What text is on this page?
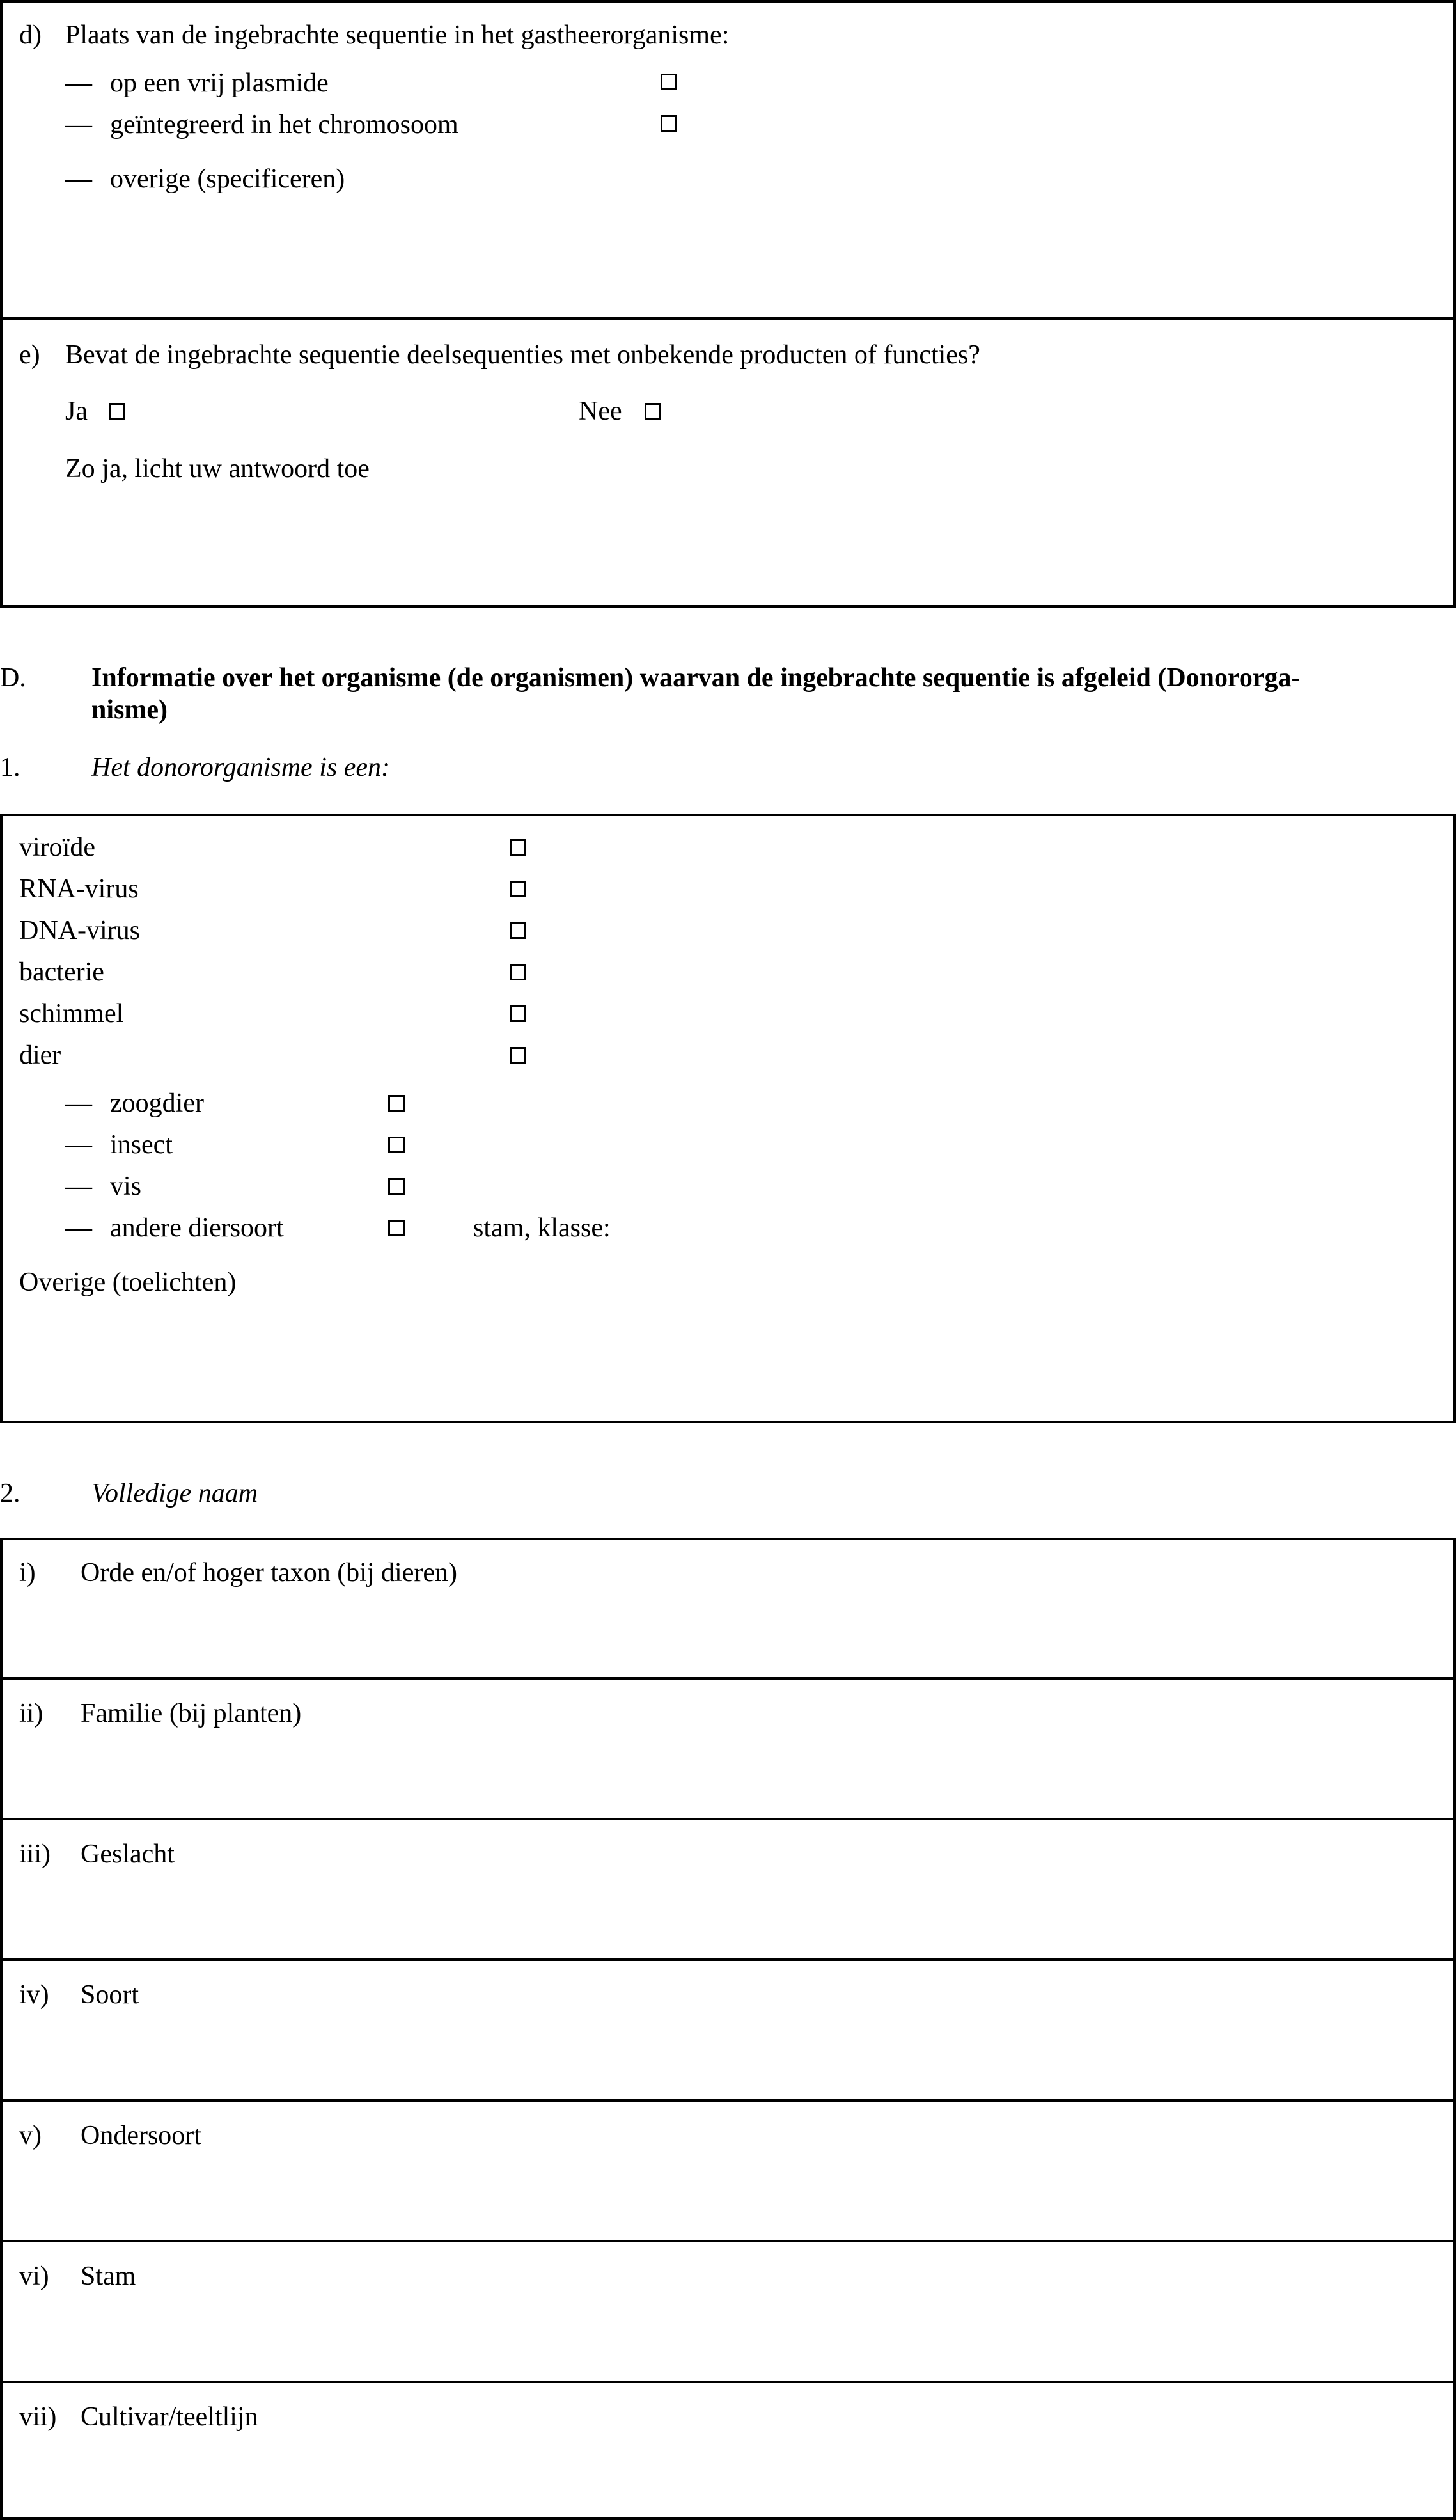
d) Plaats van de ingebrachte sequentie in het gastheerorganisme:
— op een vrij plasmide
— geïntegreerd in het chromosoom
— overige (specificeren)
e) Bevat de ingebrachte sequentie deelsequenties met onbekende producten of functies?
Ja	Nee
Zo ja, licht uw antwoord toe
D. Informatie over het organisme (de organismen) waarvan de ingebrachte sequentie is afgeleid (Donororga-
nisme)
1.	Het donororganisme is een:
viroïde
RNA-virus
DNA-virus
bacterie
schimmel
dier
— zoogdier
— insect
— vis
— andere diersoort	stam, klasse:
Overige (toelichten)
2.	Volledige naam
i) Orde en/of hoger taxon (bij dieren)
ii) Familie (bij planten)
iii) Geslacht
iv) Soort
v) Ondersoort
vi) Stam
vii) Cultivar/teeltlijn
